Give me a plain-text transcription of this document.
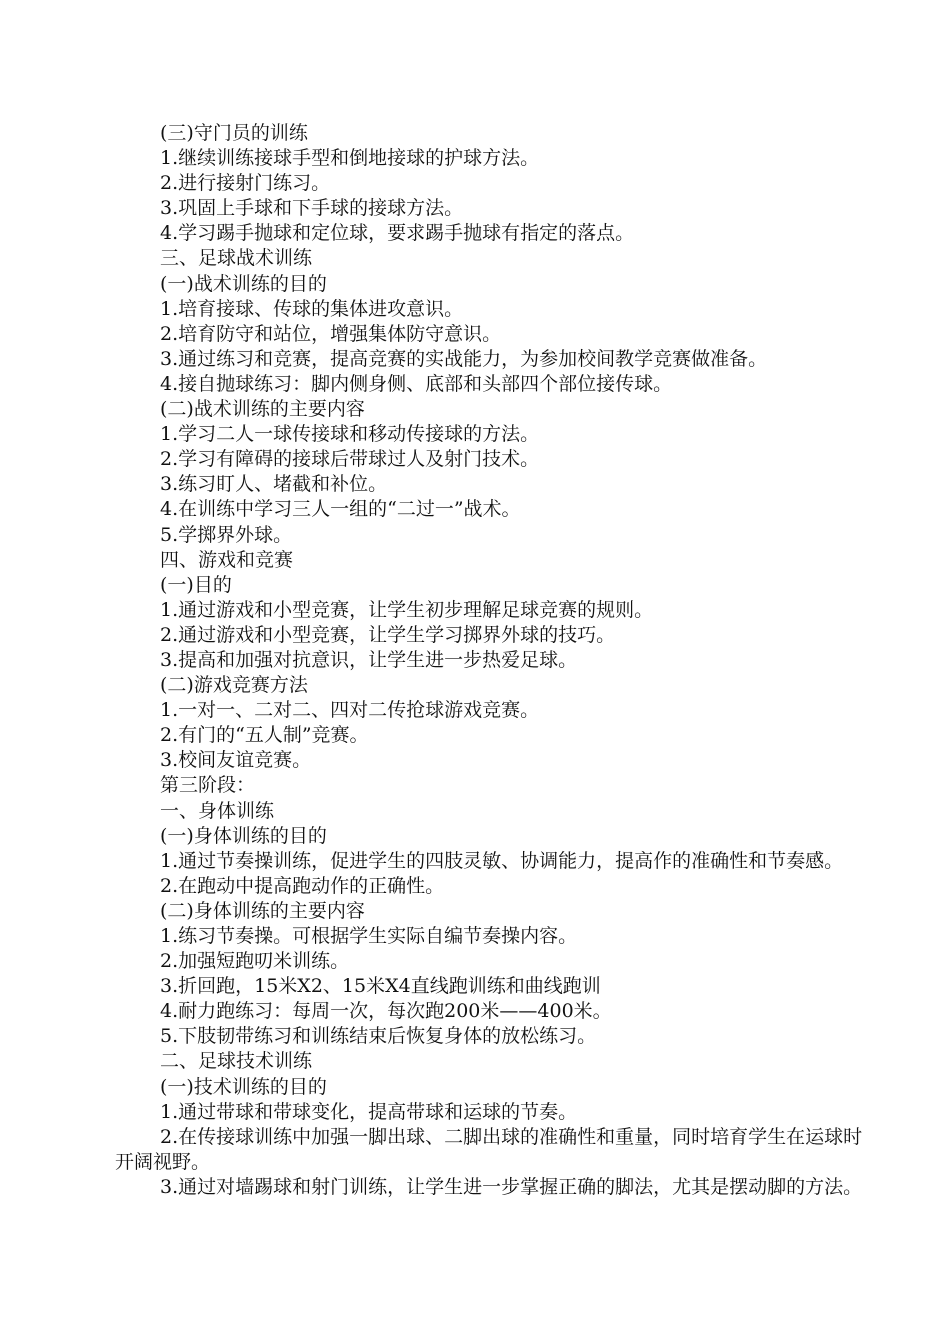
(三)守门员的训练
1.继续训练接球手型和倒地接球的护球方法。
2.进行接射门练习。
3.巩固上手球和下手球的接球方法。
4.学习踢手抛球和定位球，要求踢手抛球有指定的落点。
三、足球战术训练
(一)战术训练的目的
1.培育接球、传球的集体进攻意识。
2.培育防守和站位，增强集体防守意识。
3.通过练习和竞赛，提高竞赛的实战能力，为参加校间教学竞赛做准备。
4.接自抛球练习：脚内侧身侧、底部和头部四个部位接传球。
(二)战术训练的主要内容
1.学习二人一球传接球和移动传接球的方法。
2.学习有障碍的接球后带球过人及射门技术。
3.练习盯人、堵截和补位。
4.在训练中学习三人一组的“二过一”战术。
5.学掷界外球。
四、游戏和竞赛
(一)目的
1.通过游戏和小型竞赛，让学生初步理解足球竞赛的规则。
2.通过游戏和小型竞赛，让学生学习掷界外球的技巧。
3.提高和加强对抗意识，让学生进一步热爱足球。
(二)游戏竞赛方法
1.一对一、二对二、四对二传抢球游戏竞赛。
2.有门的“五人制”竞赛。
3.校间友谊竞赛。
第三阶段：
一、身体训练
(一)身体训练的目的
1.通过节奏操训练，促进学生的四肢灵敏、协调能力，提高作的准确性和节奏感。
2.在跑动中提高跑动作的正确性。
(二)身体训练的主要内容
1.练习节奏操。可根据学生实际自编节奏操内容。
2.加强短跑叨米训练。
3.折回跑，15米X2、15米X4直线跑训练和曲线跑训
4.耐力跑练习：每周一次，每次跑200米——400米。
5.下肢韧带练习和训练结束后恢复身体的放松练习。
二、足球技术训练
(一)技术训练的目的
1.通过带球和带球变化，提高带球和运球的节奏。
2.在传接球训练中加强一脚出球、二脚出球的准确性和重量，同时培育学生在运球时开阔视野。
3.通过对墙踢球和射门训练，让学生进一步掌握正确的脚法，尤其是摆动脚的方法。
